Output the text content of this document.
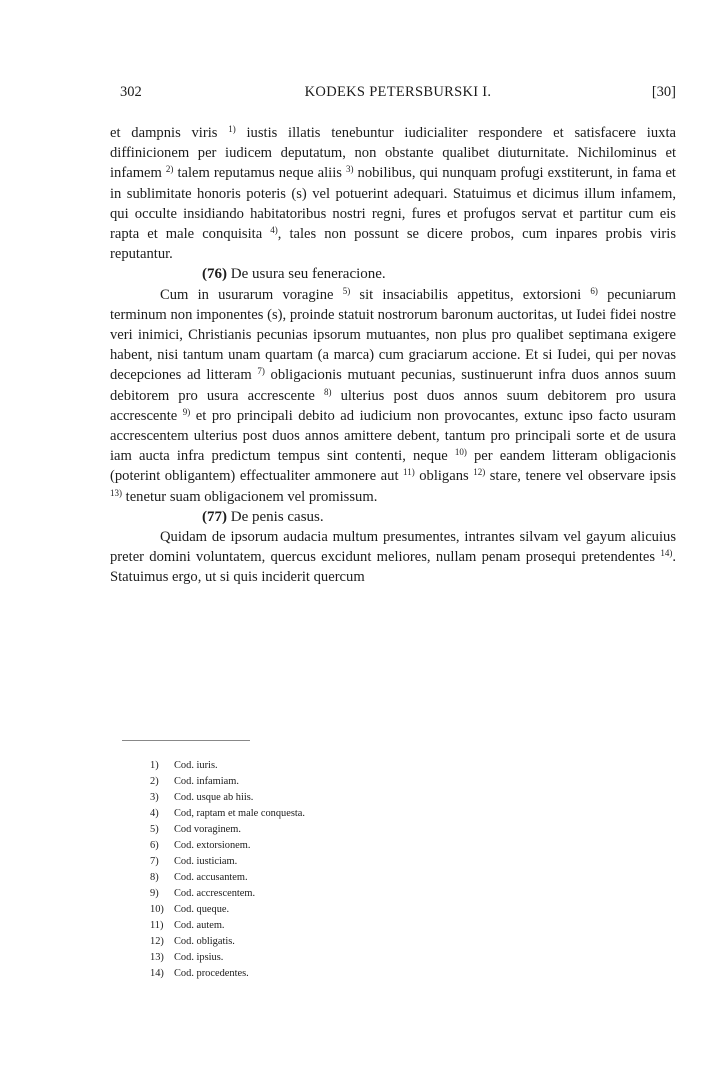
302	KODEKS PETERSBURSKI I.	[30]

et dampnis viris $^{1)}$ iustis illatis tenebuntur iudicialiter respondere et satisfacere iuxta diffinicionem per iudicem deputatum, non obstante qualibet diuturnitate. Nichilominus et infamem $^{2)}$ talem reputamus neque aliis $^{3)}$ nobilibus, qui nunquam profugi exstiterunt, in fama et in sublimitate honoris poteris (s) vel potuerint adequari. Statuimus et dicimus illum infamem, qui occulte insidiando habitatoribus nostri regni, fures et profugos servat et partitur cum eis rapta et male conquisita $^{4)}$, tales non possunt se dicere probos, cum inpares probis viris reputantur.

(76) De usura seu feneracione.

Cum in usurarum voragine $^{5)}$ sit insaciabilis appetitus, extorsioni $^{6)}$ pecuniarum terminum non imponentes (s), proinde statuit nostrorum baronum auctoritas, ut Iudei fidei nostre veri inimici, Christianis pecunias ipsorum mutuantes, non plus pro qualibet septimana exigere habent, nisi tantum unam quartam (a marca) cum graciarum accione. Et si Iudei, qui per novas decepciones ad litteram $^{7)}$ obligacionis mutuant pecunias, sustinuerunt infra duos annos suum debitorem pro usura accrescente $^{8)}$ ulterius post duos annos suum debitorem pro usura accrescente $^{9)}$ et pro principali debito ad iudicium non provocantes, extunc ipso facto usuram accrescentem ulterius post duos annos amittere debent, tantum pro principali sorte et de usura iam aucta infra predictum tempus sint contenti, neque $^{10)}$ per eandem litteram obligacionis (poterint obligantem) effectualiter ammonere aut $^{11)}$ obligans $^{12)}$ stare, tenere vel observare ipsis $^{13)}$ tenetur suam obligacionem vel promissum.

(77) De penis casus.

Quidam de ipsorum audacia multum presumentes, intrantes silvam vel gayum alicuius preter domini voluntatem, quercus excidunt meliores, nullam penam prosequi pretendentes $^{14)}$. Statuimus ergo, ut si quis inciderit quercum

1) Cod. iuris.
2) Cod. infamiam.
3) Cod. usque ab hiis.
4) Cod, raptam et male conquesta.
5) Cod voraginem.
6) Cod. extorsionem.
7) Cod. iusticiam.
8) Cod. accusantem.
9) Cod. accrescentem.
10) Cod. queque.
11) Cod. autem.
12) Cod. obligatis.
13) Cod. ipsius.
14) Cod. procedentes.
